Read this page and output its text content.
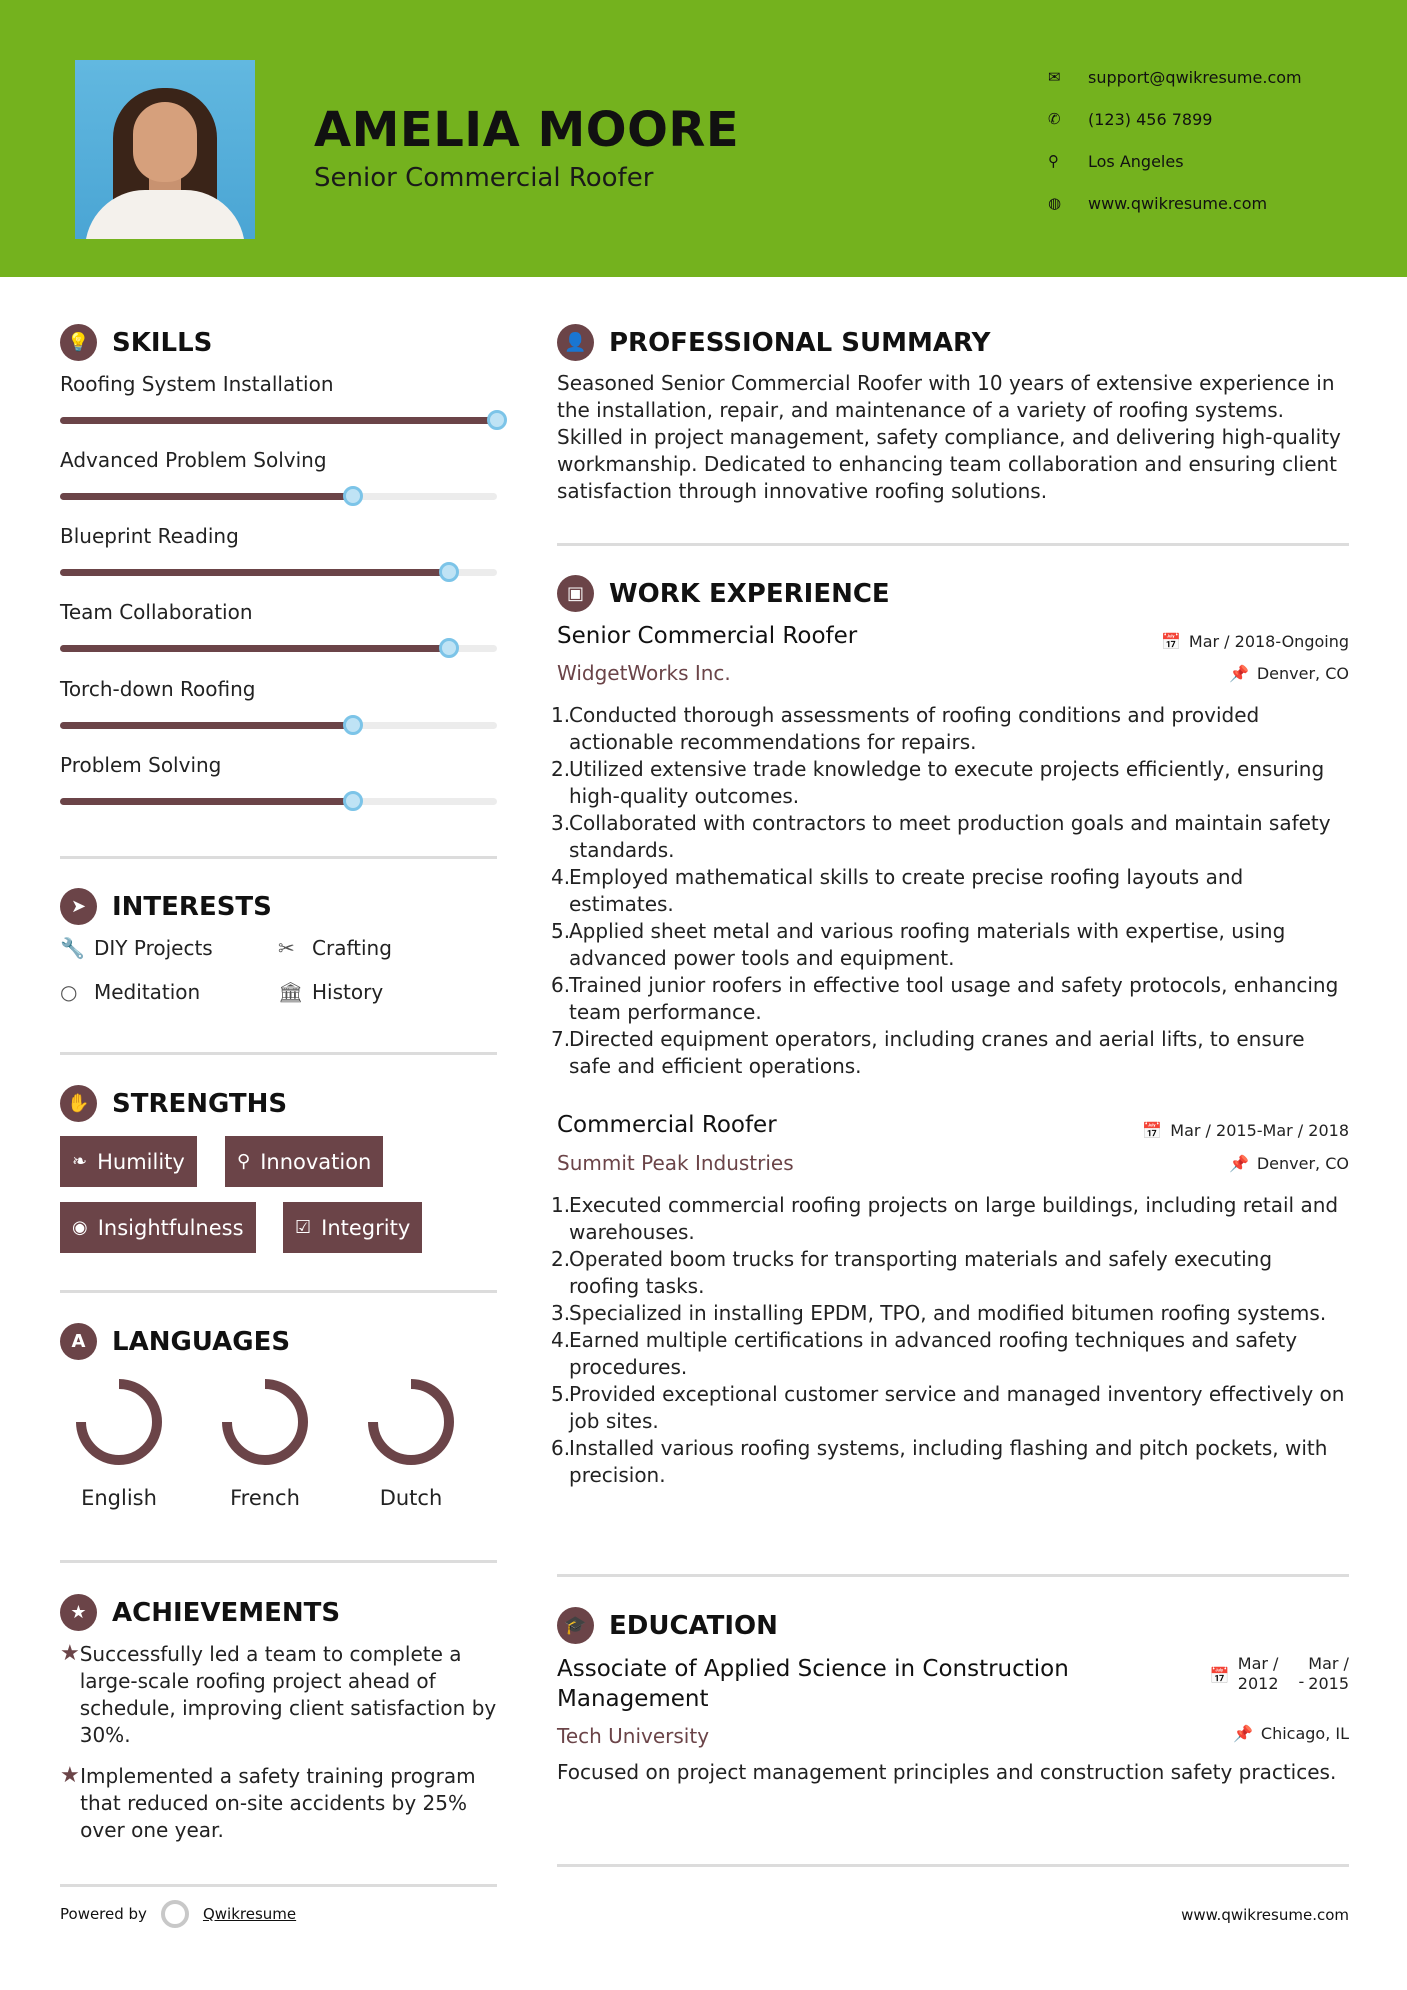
AMELIA MOORE
Senior Commercial Roofer
✉	support@qwikresume.com
✆	(123) 456 7899
⚲	Los Angeles
◍	www.qwikresume.com
💡 SKILLS
Roofing System Installation
Advanced Problem Solving
Blueprint Reading
Team Collaboration
Torch-down Roofing
Problem Solving
➤ INTERESTS
🔧 DIY Projects	✂ Crafting
○ Meditation	🏛 History
✋ STRENGTHS
❧ Humility	⚲ Innovation
◉ Insightfulness	☑ Integrity
A	LANGUAGES
English	French	Dutch
★ ACHIEVEMENTS
★ Successfully led a team to complete a large-scale roofing project ahead of schedule, improving client satisfaction by 30%.
★ Implemented a safety training program that reduced on-site accidents by 25% over one year.
👤 PROFESSIONAL SUMMARY
Seasoned Senior Commercial Roofer with 10 years of extensive experience in the installation, repair, and maintenance of a variety of roofing systems. Skilled in project management, safety compliance, and delivering high-quality workmanship. Dedicated to enhancing team collaboration and ensuring client satisfaction through innovative roofing solutions.
▣ WORK EXPERIENCE
Senior Commercial Roofer	📅 Mar / 2018-Ongoing
WidgetWorks Inc.	📌 Denver, CO
1.
Conducted thorough assessments of roofing conditions and provided actionable recommendations for repairs.
2.
Utilized extensive trade knowledge to execute projects efficiently, ensuring high-quality outcomes.
3.
Collaborated with contractors to meet production goals and maintain safety standards.
4.
Employed mathematical skills to create precise roofing layouts and estimates.
5.
Applied sheet metal and various roofing materials with expertise, using advanced power tools and equipment.
6.
Trained junior roofers in effective tool usage and safety protocols, enhancing team performance.
7.
Directed equipment operators, including cranes and aerial lifts, to ensure safe and efficient operations.
Commercial Roofer	📅 Mar / 2015-Mar / 2018
Summit Peak Industries	📌 Denver, CO
1.
Executed commercial roofing projects on large buildings, including retail and warehouses.
2.
Operated boom trucks for transporting materials and safely executing roofing tasks.
3.
Specialized in installing EPDM, TPO, and modified bitumen roofing systems.
4.
Earned multiple certifications in advanced roofing techniques and safety procedures.
5.
Provided exceptional customer service and managed inventory effectively on job sites.
6.
Installed various roofing systems, including flashing and pitch pockets, with precision.
🎓 EDUCATION
Associate of Applied Science in Construction Management
📅
Mar /
2012 -
Mar /
2015
Tech University	📌 Chicago, IL
Focused on project management principles and construction safety practices.
Powered by	Qwikresume	www.qwikresume.com
